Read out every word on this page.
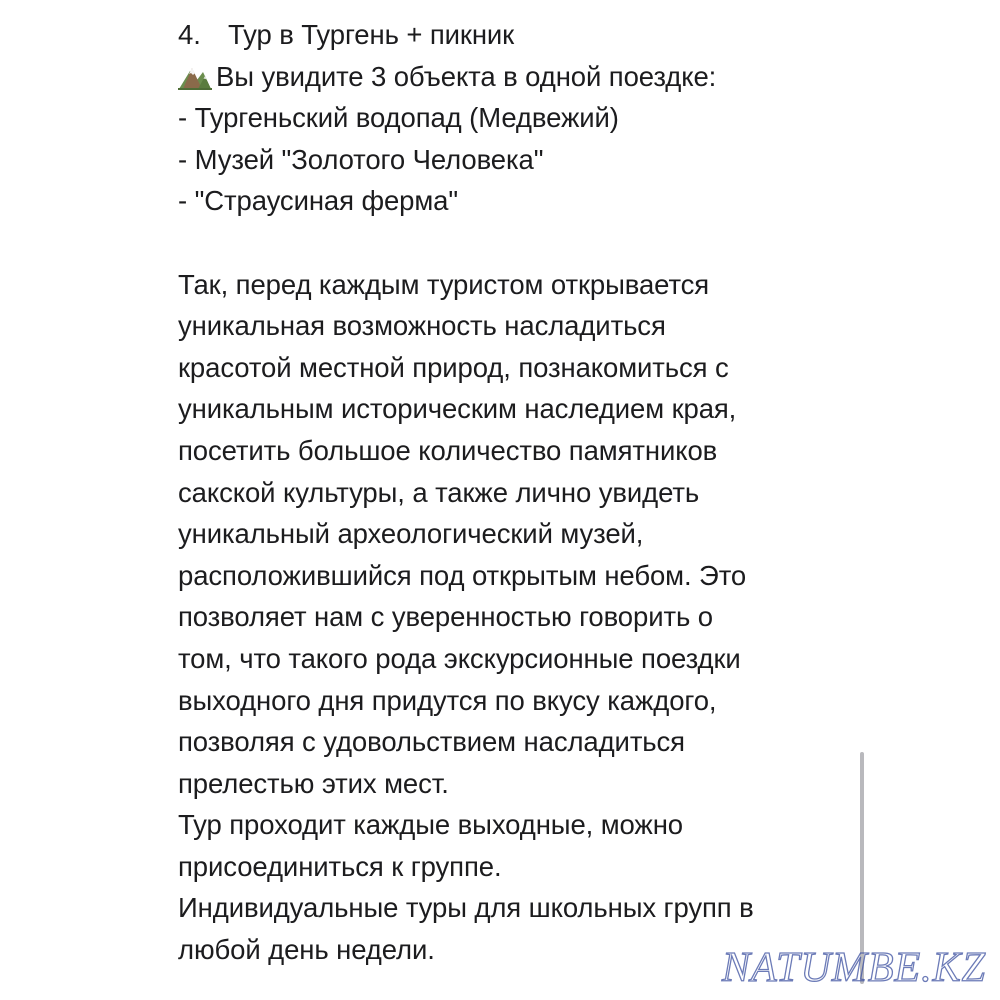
4. Тур в Тургень + пикник
Вы увидите 3 объекта в одной поездке:
- Тургеньский водопад (Медвежий)
- Музей "Золотого Человека"
- "Страусиная ферма"
Так, перед каждым туристом открывается
уникальная возможность насладиться
красотой местной природ, познакомиться с
уникальным историческим наследием края,
посетить большое количество памятников
сакской культуры, а также лично увидеть
уникальный археологический музей,
расположившийся под открытым небом. Это
позволяет нам с уверенностью говорить о
том, что такого рода экскурсионные поездки
выходного дня придутся по вкусу каждого,
позволяя с удовольствием насладиться
прелестью этих мест.
Тур проходит каждые выходные, можно
присоединиться к группе.
Индивидуальные туры для школьных групп в
любой день недели.	NATUMBE.KZ
